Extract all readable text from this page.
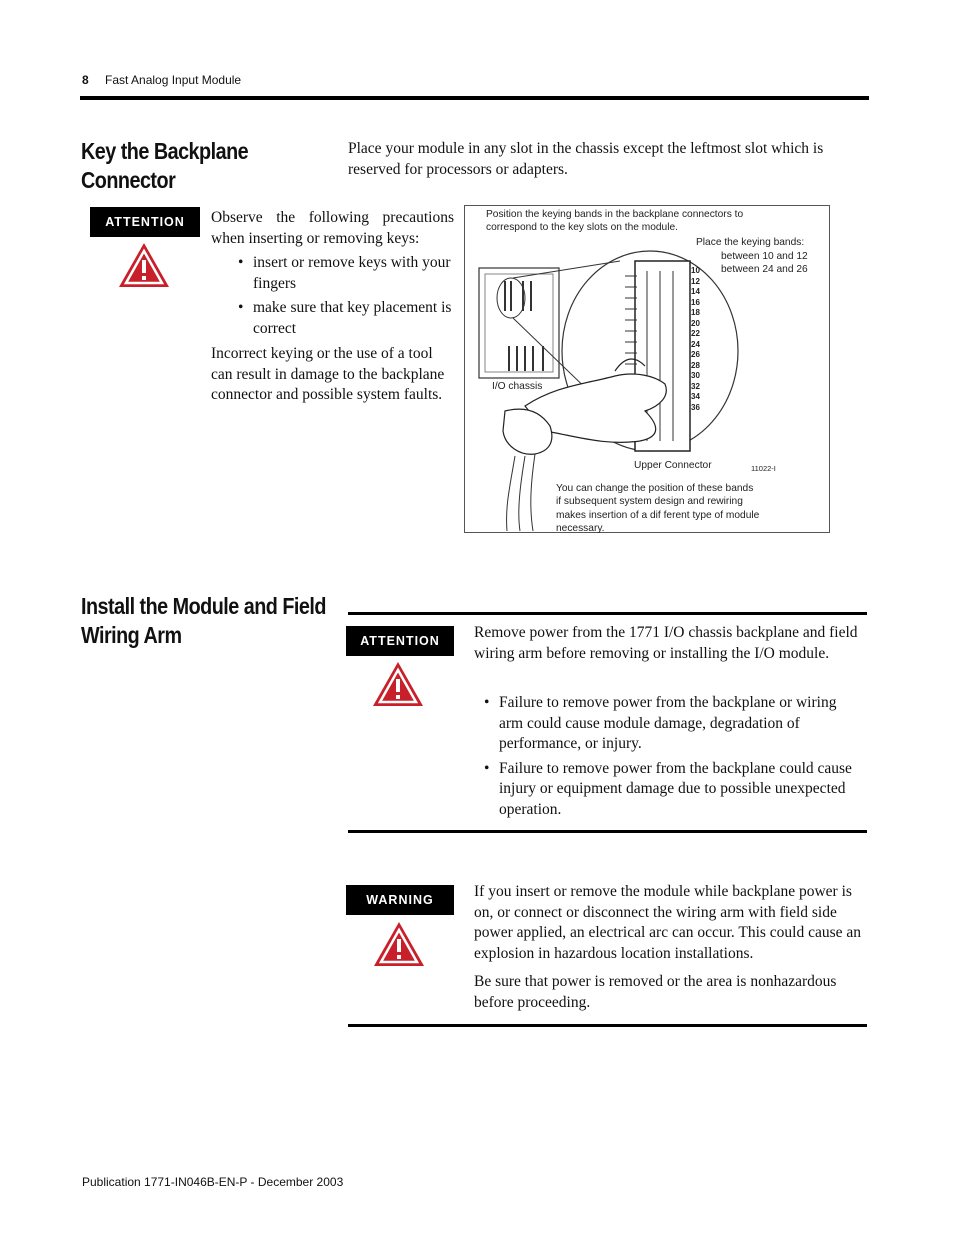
8 Fast Analog Input Module
Key the Backplane Connector
Place your module in any slot in the chassis except the leftmost slot which is reserved for processors or adapters.
ATTENTION	Observe the following precautions when inserting or removing keys:
• insert or remove keys with your fingers
• make sure that key placement is correct
Incorrect keying or the use of a tool can result in damage to the backplane connector and possible system faults.
Position the keying bands in the backplane connectors to correspond to the key slots on the module.
Place the keying bands:
between 10 and 12
between 24 and 26
10
12
14
16
18
20
22
24
26
28
30
32
34
36
I/O chassis
Upper Connector	11022-I
You can change the position of these bands if subsequent system design and rewiring makes insertion of a dif ferent type of module necessary.
Install the Module and Field Wiring Arm	ATTENTION	Remove power from the 1771 I/O chassis backplane and field wiring arm before removing or installing the I/O module.
• Failure to remove power from the backplane or wiring arm could cause module damage, degradation of performance, or injury.
• Failure to remove power from the backplane could cause injury or equipment damage due to possible unexpected operation.
WARNING	If you insert or remove the module while backplane power is on, or connect or disconnect the wiring arm with field side power applied, an electrical arc can occur. This could cause an explosion in hazardous location installations.
Be sure that power is removed or the area is nonhazardous before proceeding.
Publication 1771-IN046B-EN-P - December 2003
